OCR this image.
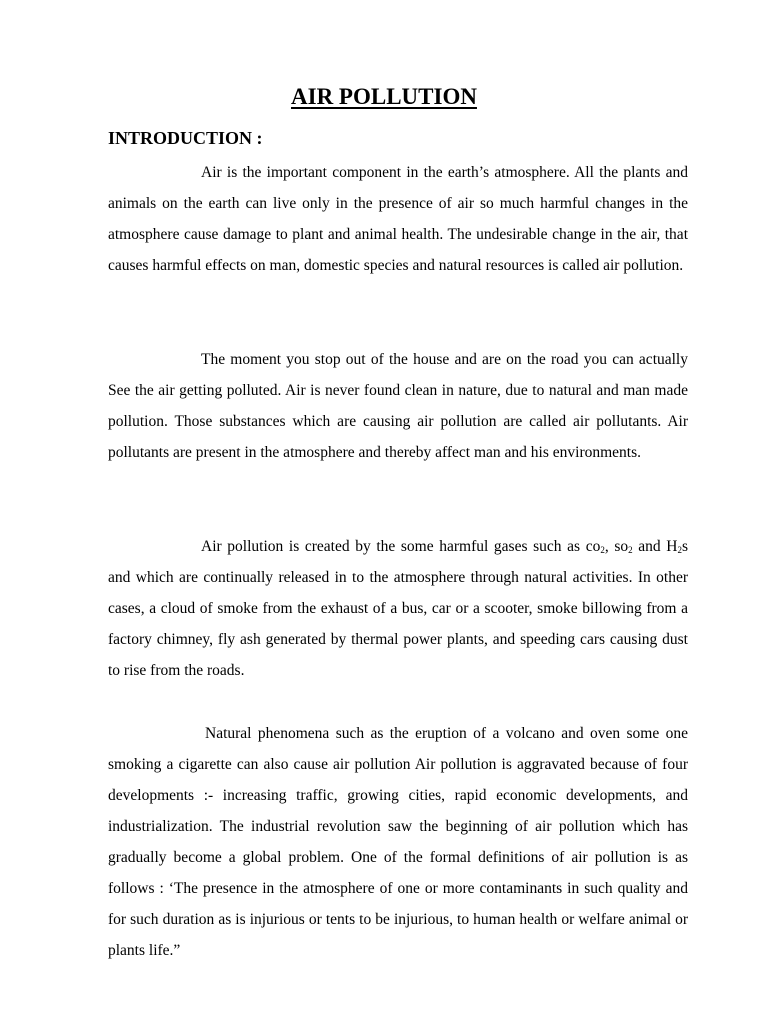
AIR POLLUTION
INTRODUCTION :

Air is the important component in the earth’s atmosphere. All the plants and animals on the earth can live only in the presence of air so much harmful changes in the atmosphere cause damage to plant and animal health. The undesirable change in the air, that causes harmful effects on man, domestic species and natural resources is called air pollution.

The moment you stop out of the house and are on the road you can actually See the air getting polluted. Air is never found clean in nature, due to natural and man made pollution. Those substances which are causing air pollution are called air pollutants. Air pollutants are present in the atmosphere and thereby affect man and his environments.

Air pollution is created by the some harmful gases such as $co_2$, $so_2$ and $H_2s$ and which are continually released in to the atmosphere through natural activities. In other cases, a cloud of smoke from the exhaust of a bus, car or a scooter, smoke billowing from a factory chimney, fly ash generated by thermal power plants, and speeding cars causing dust to rise from the roads.

Natural phenomena such as the eruption of a volcano and oven some one smoking a cigarette can also cause air pollution Air pollution is aggravated because of four developments :- increasing traffic, growing cities, rapid economic developments, and industrialization. The industrial revolution saw the beginning of air pollution which has gradually become a global problem. One of the formal definitions of air pollution is as follows : ‘The presence in the atmosphere of one or more contaminants in such quality and for such duration as is injurious or tents to be injurious, to human health or welfare animal or plants life.”
